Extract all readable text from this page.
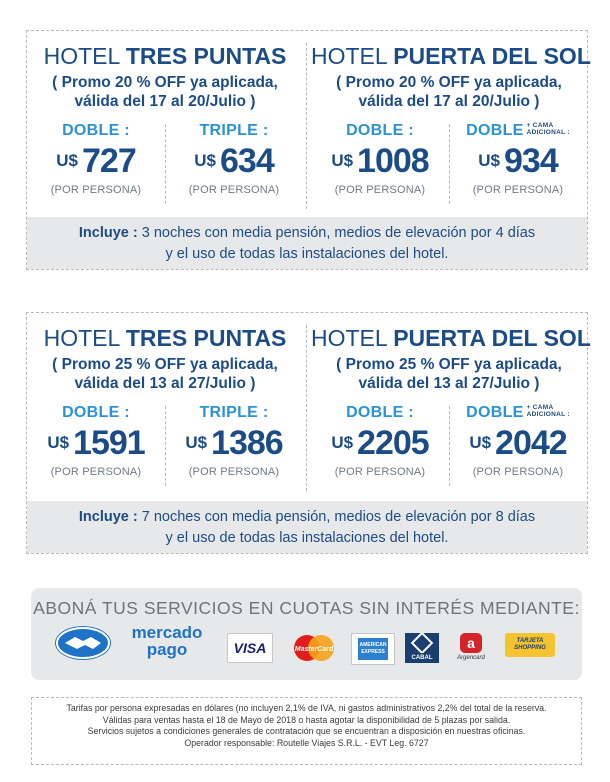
HOTEL TRES PUNTAS
( Promo 20 % OFF ya aplicada,
válida del 17 al 20/Julio )
DOBLE :
U$ 727
(POR PERSONA)
TRIPLE :
U$ 634
(POR PERSONA)
HOTEL PUERTA DEL SOL
( Promo 20 % OFF ya aplicada,
válida del 17 al 20/Julio )
DOBLE :
U$ 1008
(POR PERSONA)
DOBLE + CAMA
ADICIONAL :
U$ 934
(POR PERSONA)
Incluye : 3 noches con media pensión, medios de elevación por 4 días
y el uso de todas las instalaciones del hotel.
HOTEL TRES PUNTAS
( Promo 25 % OFF ya aplicada,
válida del 13 al 27/Julio )
DOBLE :
U$ 1591
(POR PERSONA)
TRIPLE :
U$ 1386
(POR PERSONA)
HOTEL PUERTA DEL SOL
( Promo 25 % OFF ya aplicada,
válida del 13 al 27/Julio )
DOBLE :
U$ 2205
(POR PERSONA)
DOBLE + CAMA
ADICIONAL :
U$ 2042
(POR PERSONA)
Incluye : 7 noches con media pensión, medios de elevación por 8 días
y el uso de todas las instalaciones del hotel.
ABONÁ TUS SERVICIOS EN CUOTAS SIN INTERÉS MEDIANTE:
mercado
pago	VISA	MasterCard
AMERICAN
EXPRESS
CABAL
a
Argencard
TARJETA
SHOPPING
Tarifas por persona expresadas en dólares (no incluyen 2,1% de IVA, ni gastos administrativos 2,2% del total de la reserva.
Válidas para ventas hasta el 18 de Mayo de 2018 o hasta agotar la disponibilidad de 5 plazas por salida.
Servicios sujetos a condiciones generales de contratación que se encuentran a disposición en nuestras oficinas.
Operador responsable: Routelle Viajes S.R.L. - EVT Leg. 6727
